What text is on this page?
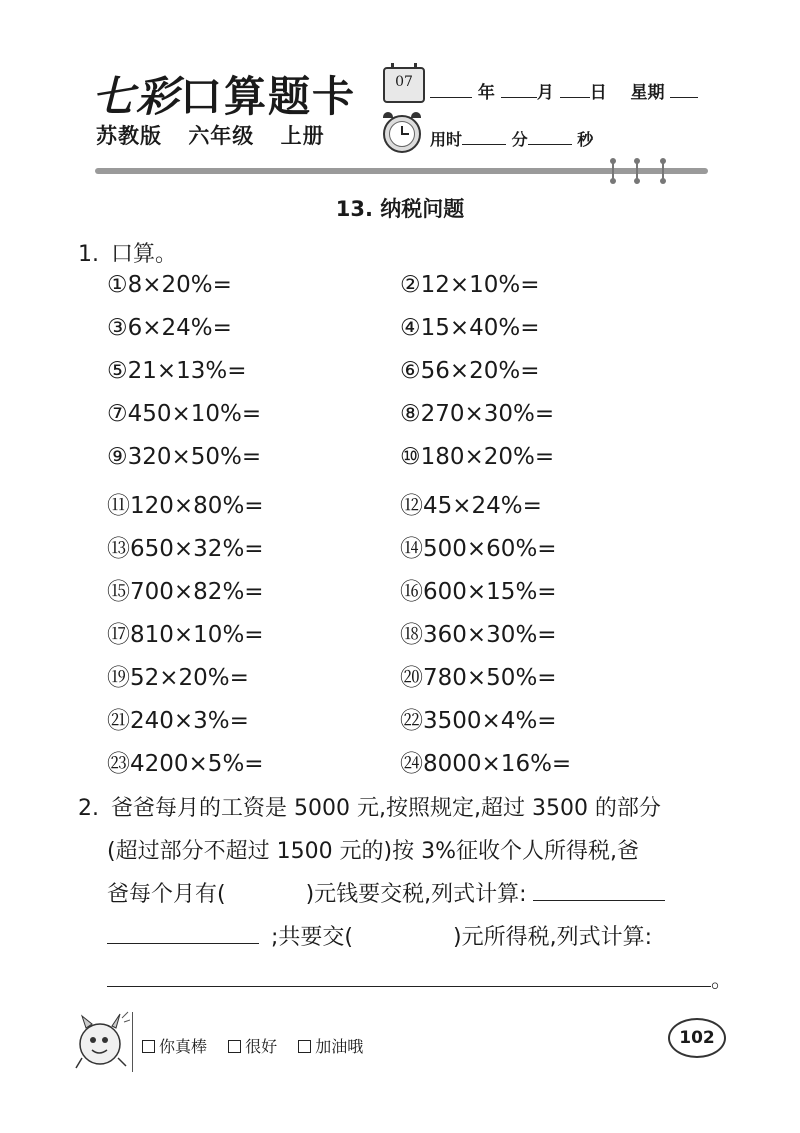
七彩口算题卡
苏教版 六年级 上册
07
年 月 日 星期
用时	分	秒
13. 纳税问题
1. 口算。
①8×20%=	②12×10%=
③6×24%=	④15×40%=
⑤21×13%=	⑥56×20%=
⑦450×10%=	⑧270×30%=
⑨320×50%=	⑩180×20%=
⑪120×80%=	⑫45×24%=
⑬650×32%=	⑭500×60%=
⑮700×82%=	⑯600×15%=
⑰810×10%=	⑱360×30%=
⑲52×20%=	⑳780×50%=
㉑240×3%=	㉒3500×4%=
㉓4200×5%=	㉔8000×16%=
2. 爸爸每月的工资是 5000 元,按照规定,超过 3500 的部分
(超过部分不超过 1500 元的)按 3%征收个人所得税,爸
爸每个月有(	)元钱要交税,列式计算:
;共要交(	)元所得税,列式计算:
。
你真棒 很好 加油哦	102
